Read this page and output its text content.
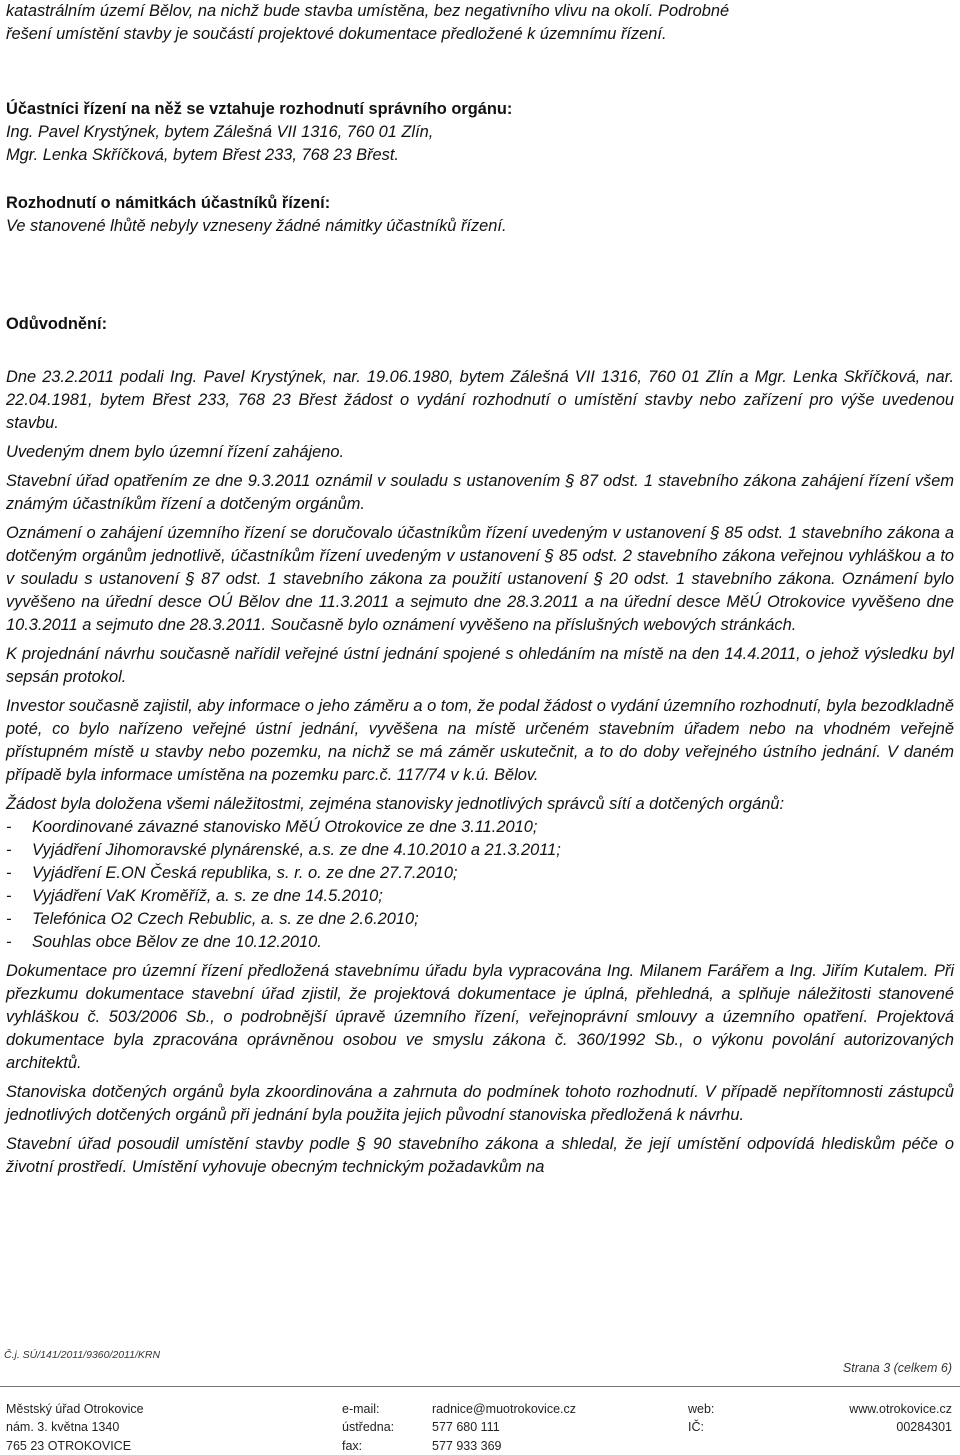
katastrálním území Bělov, na nichž bude stavba umístěna, bez negativního vlivu na okolí. Podrobné

řešení umístění stavby je součástí projektové dokumentace předložené k územnímu řízení.

Účastníci řízení na něž se vztahuje rozhodnutí správního orgánu:

Ing. Pavel Krystýnek, bytem Zálešná VII 1316, 760 01 Zlín,

Mgr. Lenka Skříčková, bytem Břest 233, 768 23 Břest.

Rozhodnutí o námitkách účastníků řízení:

Ve stanovené lhůtě nebyly vzneseny žádné námitky účastníků řízení.

Odůvodnění:

Dne 23.2.2011 podali Ing. Pavel Krystýnek, nar. 19.06.1980, bytem Zálešná VII 1316, 760 01 Zlín a Mgr. Lenka Skříčková, nar. 22.04.1981, bytem Břest 233, 768 23 Břest žádost o vydání rozhodnutí o umístění stavby nebo zařízení pro výše uvedenou stavbu.

Uvedeným dnem bylo územní řízení zahájeno.

Stavební úřad opatřením ze dne 9.3.2011 oznámil v souladu s ustanovením § 87 odst. 1 stavebního zákona zahájení řízení všem známým účastníkům řízení a dotčeným orgánům.

Oznámení o zahájení územního řízení se doručovalo účastníkům řízení uvedeným v ustanovení § 85 odst. 1 stavebního zákona a dotčeným orgánům jednotlivě, účastníkům řízení uvedeným v ustanovení § 85 odst. 2 stavebního zákona veřejnou vyhláškou a to v souladu s ustanovení § 87 odst. 1 stavebního zákona za použití ustanovení § 20 odst. 1 stavebního zákona. Oznámení bylo vyvěšeno na úřední desce OÚ Bělov dne 11.3.2011 a sejmuto dne 28.3.2011 a na úřední desce MěÚ Otrokovice vyvěšeno dne 10.3.2011 a sejmuto dne 28.3.2011. Současně bylo oznámení vyvěšeno na příslušných webových stránkách.

K projednání návrhu současně nařídil veřejné ústní jednání spojené s ohledáním na místě na den 14.4.2011, o jehož výsledku byl sepsán protokol.

Investor současně zajistil, aby informace o jeho záměru a o tom, že podal žádost o vydání územního rozhodnutí, byla bezodkladně poté, co bylo nařízeno veřejné ústní jednání, vyvěšena na místě určeném stavebním úřadem nebo na vhodném veřejně přístupném místě u stavby nebo pozemku, na nichž se má záměr uskutečnit, a to do doby veřejného ústního jednání. V daném případě byla informace umístěna na pozemku parc.č. 117/74 v k.ú. Bělov.

Žádost byla doložena všemi náležitostmi, zejména stanovisky jednotlivých správců sítí a dotčených orgánů:

- Koordinované závazné stanovisko MěÚ Otrokovice ze dne 3.11.2010;
- Vyjádření Jihomoravské plynárenské, a.s. ze dne 4.10.2010 a 21.3.2011;
- Vyjádření E.ON Česká republika, s. r. o. ze dne 27.7.2010;
- Vyjádření VaK Kroměříž, a. s. ze dne 14.5.2010;
- Telefónica O2 Czech Rebublic, a. s. ze dne 2.6.2010;
- Souhlas obce Bělov ze dne 10.12.2010.

Dokumentace pro územní řízení předložená stavebnímu úřadu byla vypracována Ing. Milanem Farářem a Ing. Jiřím Kutalem. Při přezkumu dokumentace stavební úřad zjistil, že projektová dokumentace je úplná, přehledná, a splňuje náležitosti stanovené vyhláškou č. 503/2006 Sb., o podrobnější úpravě územního řízení, veřejnoprávní smlouvy a územního opatření. Projektová dokumentace byla zpracována oprávněnou osobou ve smyslu zákona č. 360/1992 Sb., o výkonu povolání autorizovaných architektů.

Stanoviska dotčených orgánů byla zkoordinována a zahrnuta do podmínek tohoto rozhodnutí. V případě nepřítomnosti zástupců jednotlivých dotčených orgánů při jednání byla použita jejich původní stanoviska předložená k návrhu.

Stavební úřad posoudil umístění stavby podle § 90 stavebního zákona a shledal, že její umístění odpovídá hlediskům péče o životní prostředí. Umístění vyhovuje obecným technickým požadavkům na

Č.j. SÚ/141/2011/9360/2011/KRN
Strana 3 (celkem 6)
Městský úřad Otrokovice
nám. 3. května 1340
765 23 OTROKOVICE
e-mail:
ústředna:
fax:
radnice@muotrokovice.cz
577 680 111
577 933 369
web:
IČ:
www.otrokovice.cz
00284301
